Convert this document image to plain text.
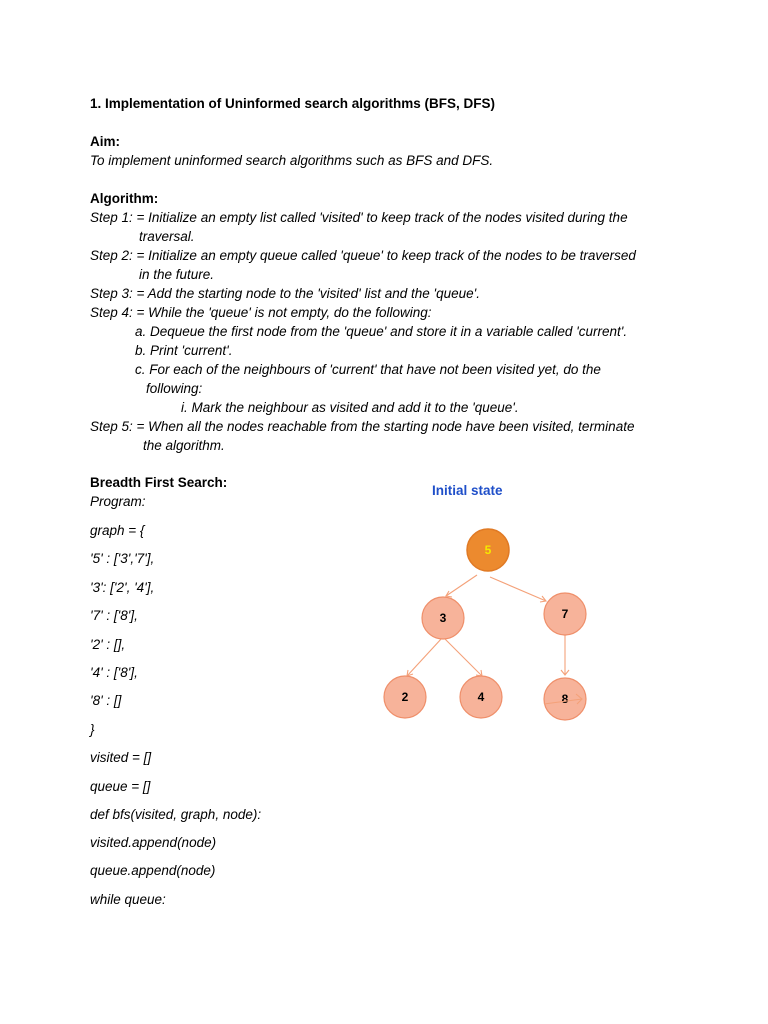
1. Implementation of Uninformed search algorithms (BFS, DFS)
Aim:
To implement uninformed search algorithms such as BFS and DFS.
Algorithm:
Step 1: = Initialize an empty list called 'visited' to keep track of the nodes visited during the
traversal.
Step 2: = Initialize an empty queue called 'queue' to keep track of the nodes to be traversed
in the future.
Step 3: = Add the starting node to the 'visited' list and the 'queue'.
Step 4: = While the 'queue' is not empty, do the following:
a. Dequeue the first node from the 'queue' and store it in a variable called 'current'.
b. Print 'current'.
c. For each of the neighbours of 'current' that have not been visited yet, do the
following:
i. Mark the neighbour as visited and add it to the 'queue'.
Step 5: = When all the nodes reachable from the starting node have been visited, terminate
the algorithm.
Breadth First Search:
Program:
graph = {
'5' : ['3','7'],
'3': ['2', '4'],
'7' : ['8'],
'2' : [],
'4' : ['8'],
'8' : []
}
visited = []
queue = []
def bfs(visited, graph, node):
visited.append(node)
queue.append(node)
while queue:
Initial state
5
3	7
2	4	8
